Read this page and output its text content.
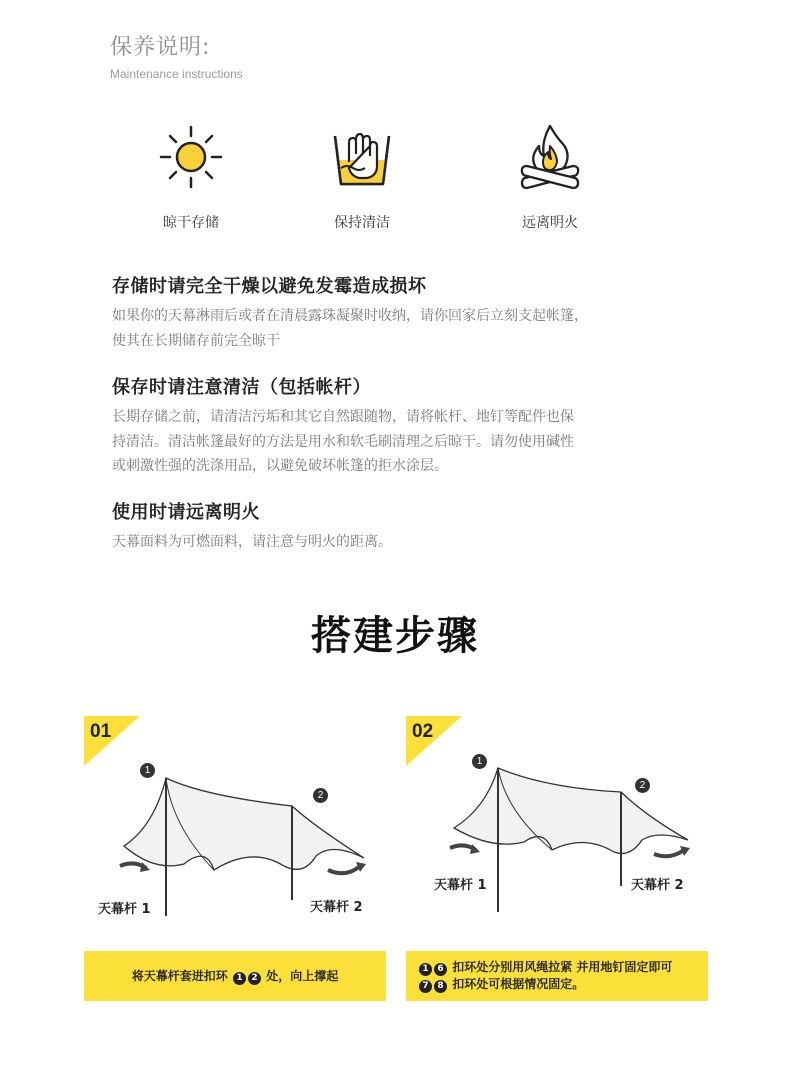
保养说明:
Maintenance instructions
晾干存储	保持清洁	远离明火
存储时请完全干燥以避免发霉造成损坏
如果你的天幕淋雨后或者在清晨露珠凝聚时收纳，请你回家后立刻支起帐篷，
使其在长期储存前完全晾干
保存时请注意清洁（包括帐杆）
长期存储之前，请清洁污垢和其它自然跟随物，请将帐杆、地钉等配件也保
持清洁。清洁帐篷最好的方法是用水和软毛刷清理之后晾干。请勿使用碱性
或刺激性强的洗涤用品，以避免破坏帐篷的拒水涂层。
使用时请远离明火
天幕面料为可燃面料，请注意与明火的距离。
搭建步骤
01
1
2
天幕杆 1	天幕杆 2
将天幕杆套进扣环 1 2 处，向上撑起
02
1
2
天幕杆 1	天幕杆 2
1 6 扣环处分别用风绳拉紧 并用地钉固定即可
7 8 扣环处可根据情况固定。
